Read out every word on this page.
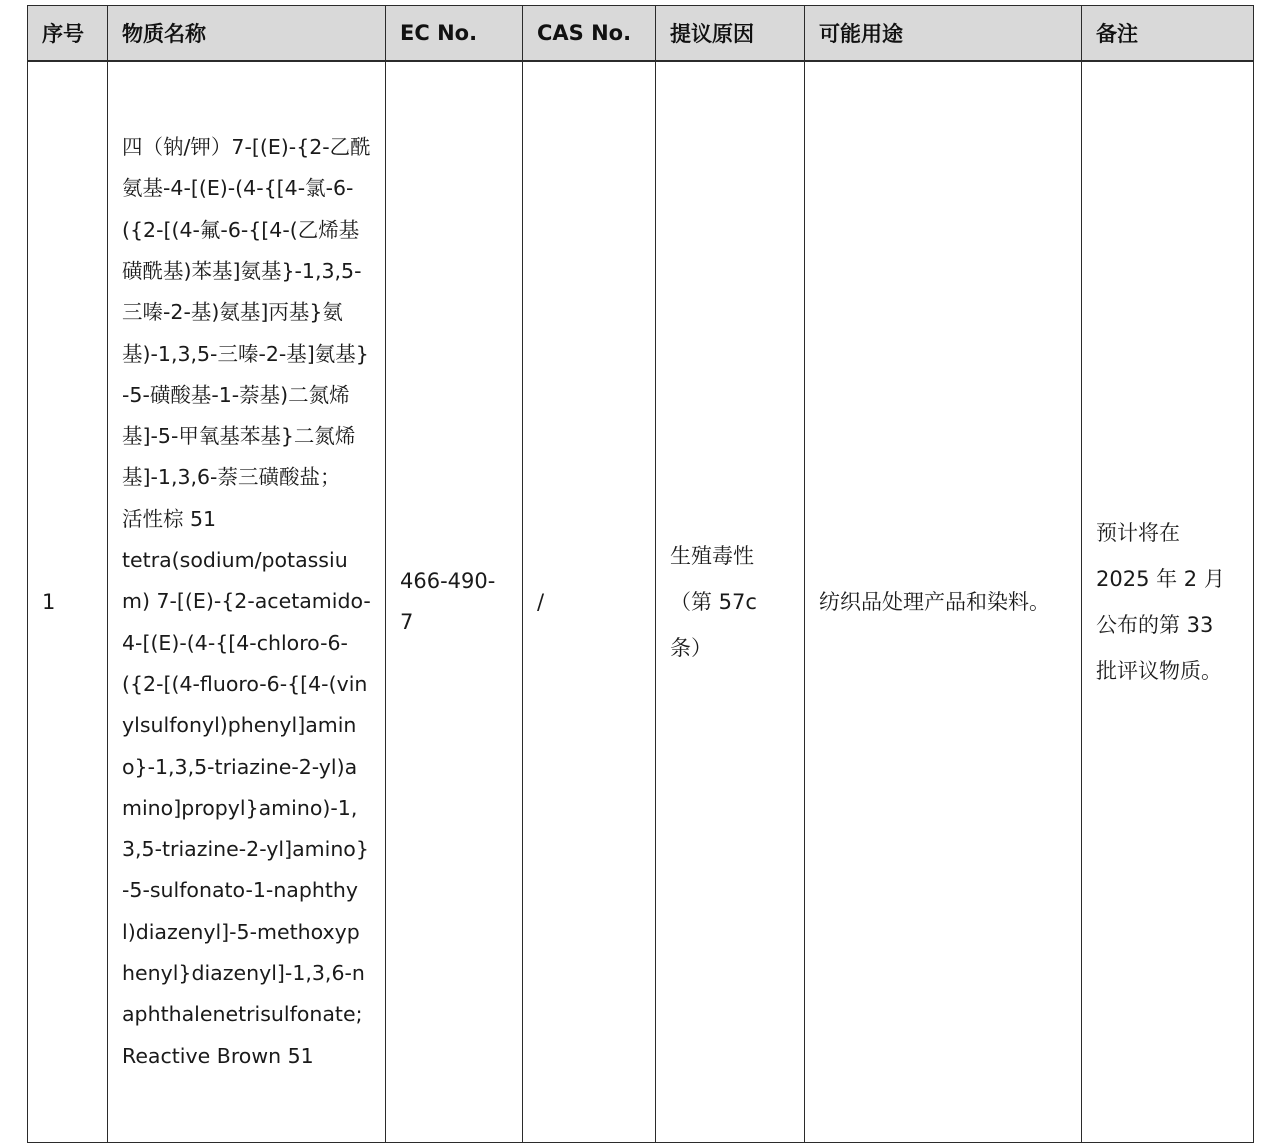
序号	物质名称	EC No.	CAS No.	提议原因	可能用途	备注
1	四（钠/钾）7-[(E)-{2-乙酰氨基-4-[(E)-(4-{[4-氯-6-({2-[(4-氟-6-{[4-(乙烯基磺酰基)苯基]氨基}-1,3,5-三嗪-2-基)氨基]丙基}氨基)-1,3,5-三嗪-2-基]氨基}-5-磺酸基-1-萘基)二氮烯基]-5-甲氧基苯基}二氮烯基]-1,3,6-萘三磺酸盐；
活性棕 51
tetra(sodium/potassium) 7-[(E)-{2-acetamido-4-[(E)-(4-{[4-chloro-6-({2-[(4-fluoro-6-{[4-(vinylsulfonyl)phenyl]amino}-1,3,5-triazine-2-yl)amino]propyl}amino)-1,3,5-triazine-2-yl]amino}-5-sulfonato-1-naphthyl)diazenyl]-5-methoxyphenyl}diazenyl]-1,3,6-naphthalenetrisulfonate; Reactive Brown 51	466-490-7	/	生殖毒性（第 57c 条）	纺织品处理产品和染料。	预计将在 2025 年 2 月公布的第 33 批评议物质。
